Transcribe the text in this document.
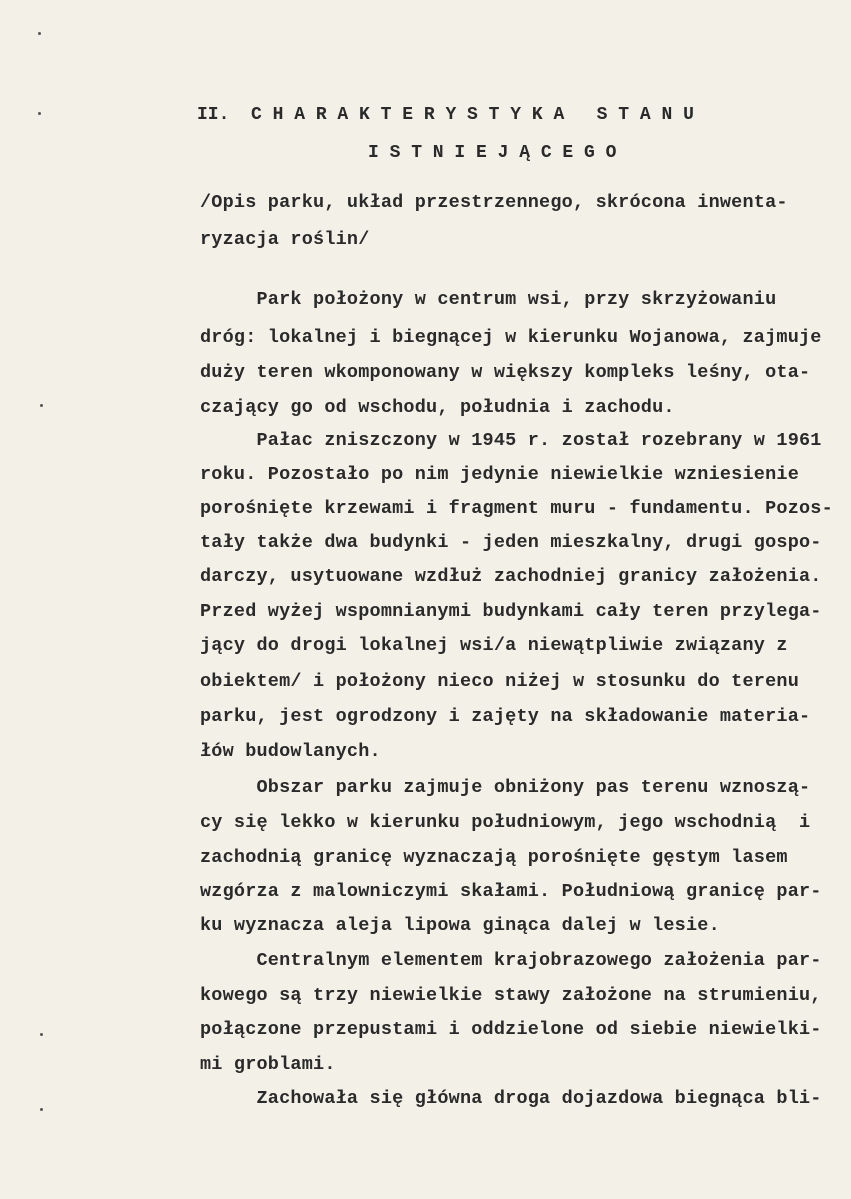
II.  C H A R A K T E R Y S T Y K A   S T A N U
I S T N I E J Ą C E G O
/Opis parku, układ przestrzennego, skrócona inwenta-
ryzacja roślin/
Park położony w centrum wsi, przy skrzyżowaniu
dróg: lokalnej i biegnącej w kierunku Wojanowa, zajmuje
duży teren wkomponowany w większy kompleks leśny, ota-
czający go od wschodu, południa i zachodu.
Pałac zniszczony w 1945 r. został rozebrany w 1961
roku. Pozostało po nim jedynie niewielkie wzniesienie
porośnięte krzewami i fragment muru - fundamentu. Pozos-
tały także dwa budynki - jeden mieszkalny, drugi gospo-
darczy, usytuowane wzdłuż zachodniej granicy założenia.
Przed wyżej wspomnianymi budynkami cały teren przylega-
jący do drogi lokalnej wsi/a niewątpliwie związany z
obiektem/ i położony nieco niżej w stosunku do terenu
parku, jest ogrodzony i zajęty na składowanie materia-
łów budowlanych.
Obszar parku zajmuje obniżony pas terenu wznoszą-
cy się lekko w kierunku południowym, jego wschodnią  i
zachodnią granicę wyznaczają porośnięte gęstym lasem
wzgórza z malowniczymi skałami. Południową granicę par-
ku wyznacza aleja lipowa ginąca dalej w lesie.
Centralnym elementem krajobrazowego założenia par-
kowego są trzy niewielkie stawy założone na strumieniu,
połączone przepustami i oddzielone od siebie niewielki-
mi groblami.
Zachowała się główna droga dojazdowa biegnąca bli-
